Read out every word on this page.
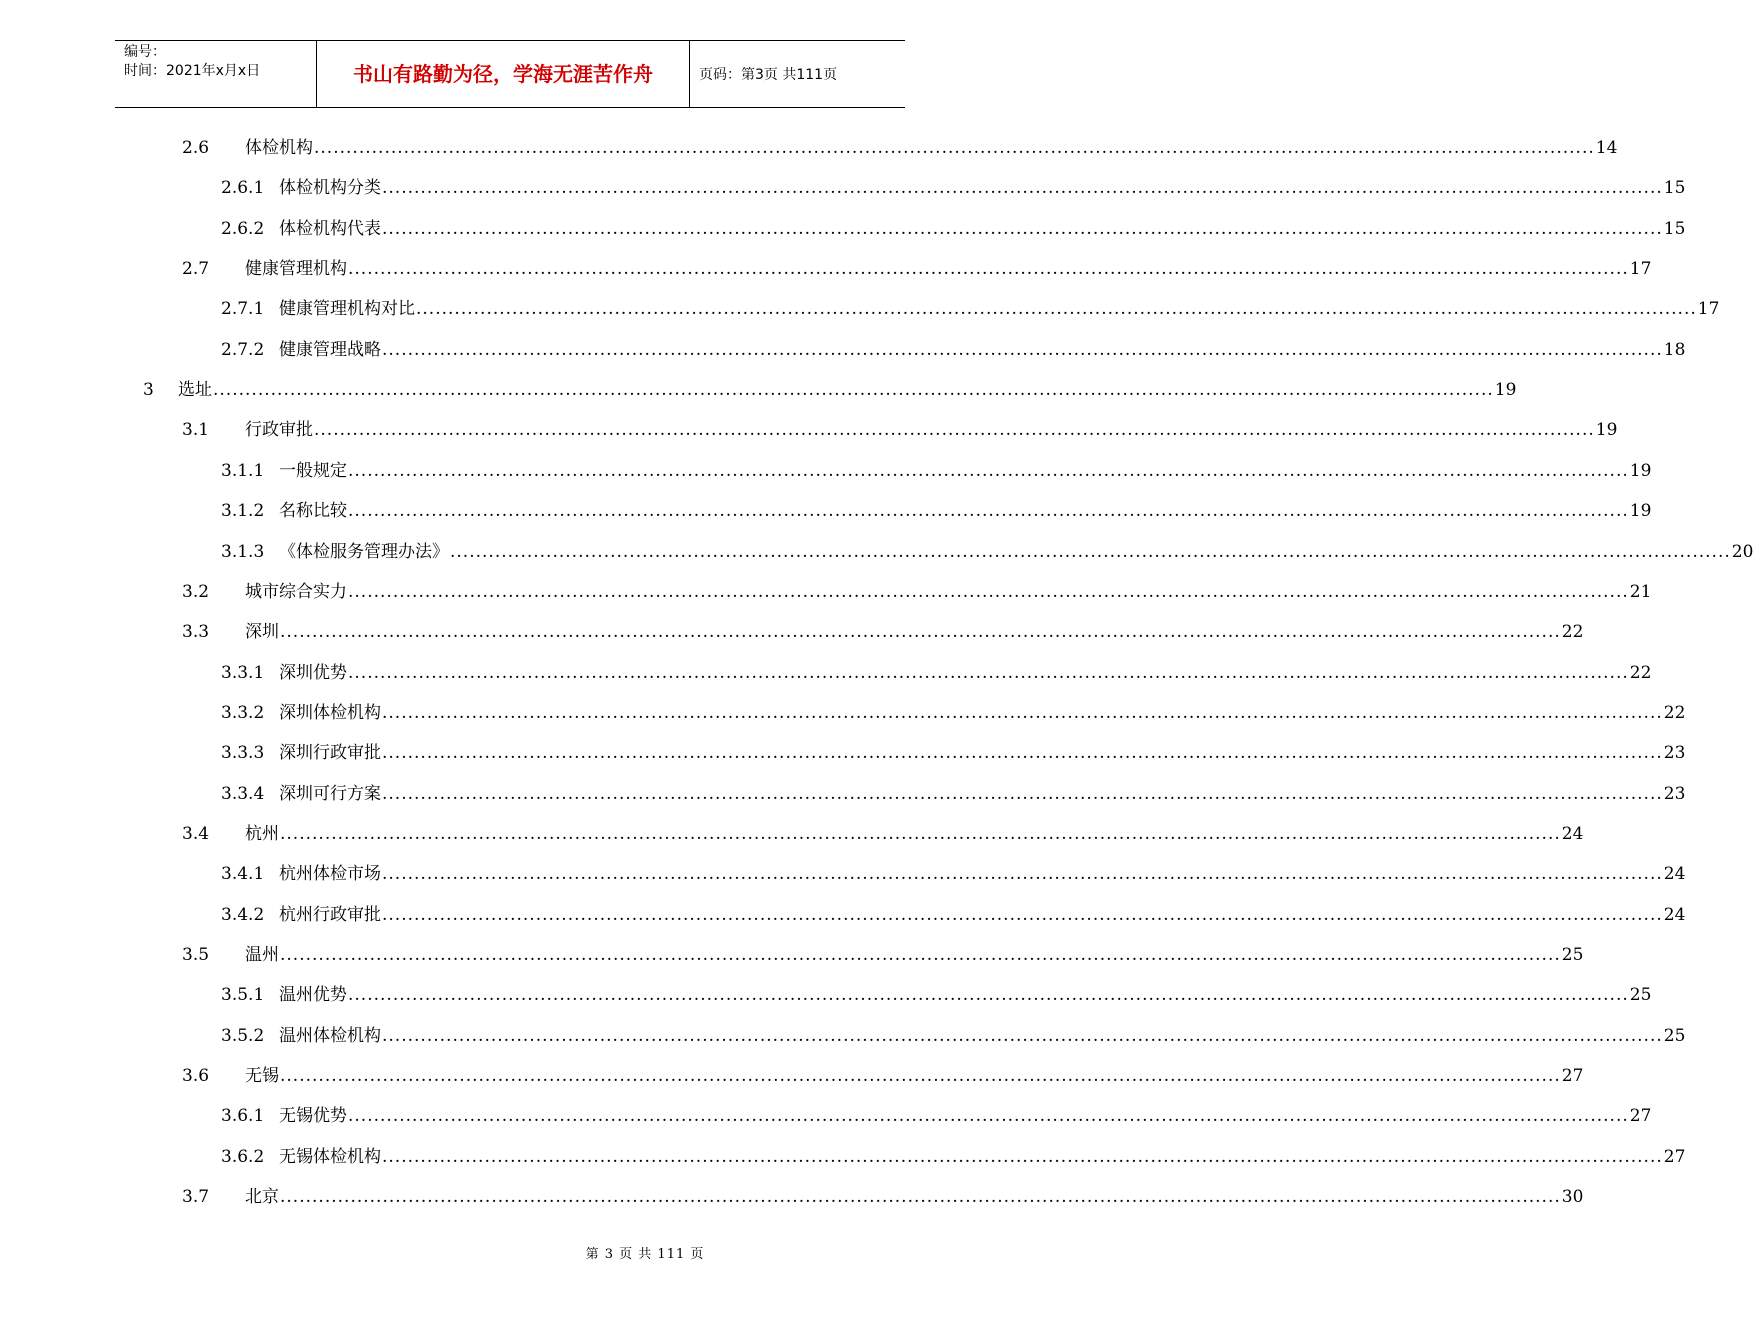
编号：
时间：2021年x月x日	书山有路勤为径，学海无涯苦作舟	页码：第3页 共111页
2.6	体检机构 ........................................................................................................................................................................................................ 14
2.6.1 体检机构分类 ........................................................................................................................................................................................................ 15
2.6.2 体检机构代表 ........................................................................................................................................................................................................ 15
2.7	健康管理机构 ........................................................................................................................................................................................................ 17
2.7.1 健康管理机构对比 ........................................................................................................................................................................................................ 17
2.7.2 健康管理战略 ........................................................................................................................................................................................................ 18
3	选址 ........................................................................................................................................................................................................ 19
3.1	行政审批 ........................................................................................................................................................................................................ 19
3.1.1 一般规定 ........................................................................................................................................................................................................ 19
3.1.2 名称比较 ........................................................................................................................................................................................................ 19
3.1.3 《体检服务管理办法》 ........................................................................................................................................................................................................ 20
3.2	城市综合实力 ........................................................................................................................................................................................................ 21
3.3	深圳 ........................................................................................................................................................................................................ 22
3.3.1 深圳优势 ........................................................................................................................................................................................................ 22
3.3.2 深圳体检机构 ........................................................................................................................................................................................................ 22
3.3.3 深圳行政审批 ........................................................................................................................................................................................................ 23
3.3.4 深圳可行方案 ........................................................................................................................................................................................................ 23
3.4	杭州 ........................................................................................................................................................................................................ 24
3.4.1 杭州体检市场 ........................................................................................................................................................................................................ 24
3.4.2 杭州行政审批 ........................................................................................................................................................................................................ 24
3.5	温州 ........................................................................................................................................................................................................ 25
3.5.1 温州优势 ........................................................................................................................................................................................................ 25
3.5.2 温州体检机构 ........................................................................................................................................................................................................ 25
3.6	无锡 ........................................................................................................................................................................................................ 27
3.6.1 无锡优势 ........................................................................................................................................................................................................ 27
3.6.2 无锡体检机构 ........................................................................................................................................................................................................ 27
3.7	北京 ........................................................................................................................................................................................................ 30
第 3 页 共 111 页
